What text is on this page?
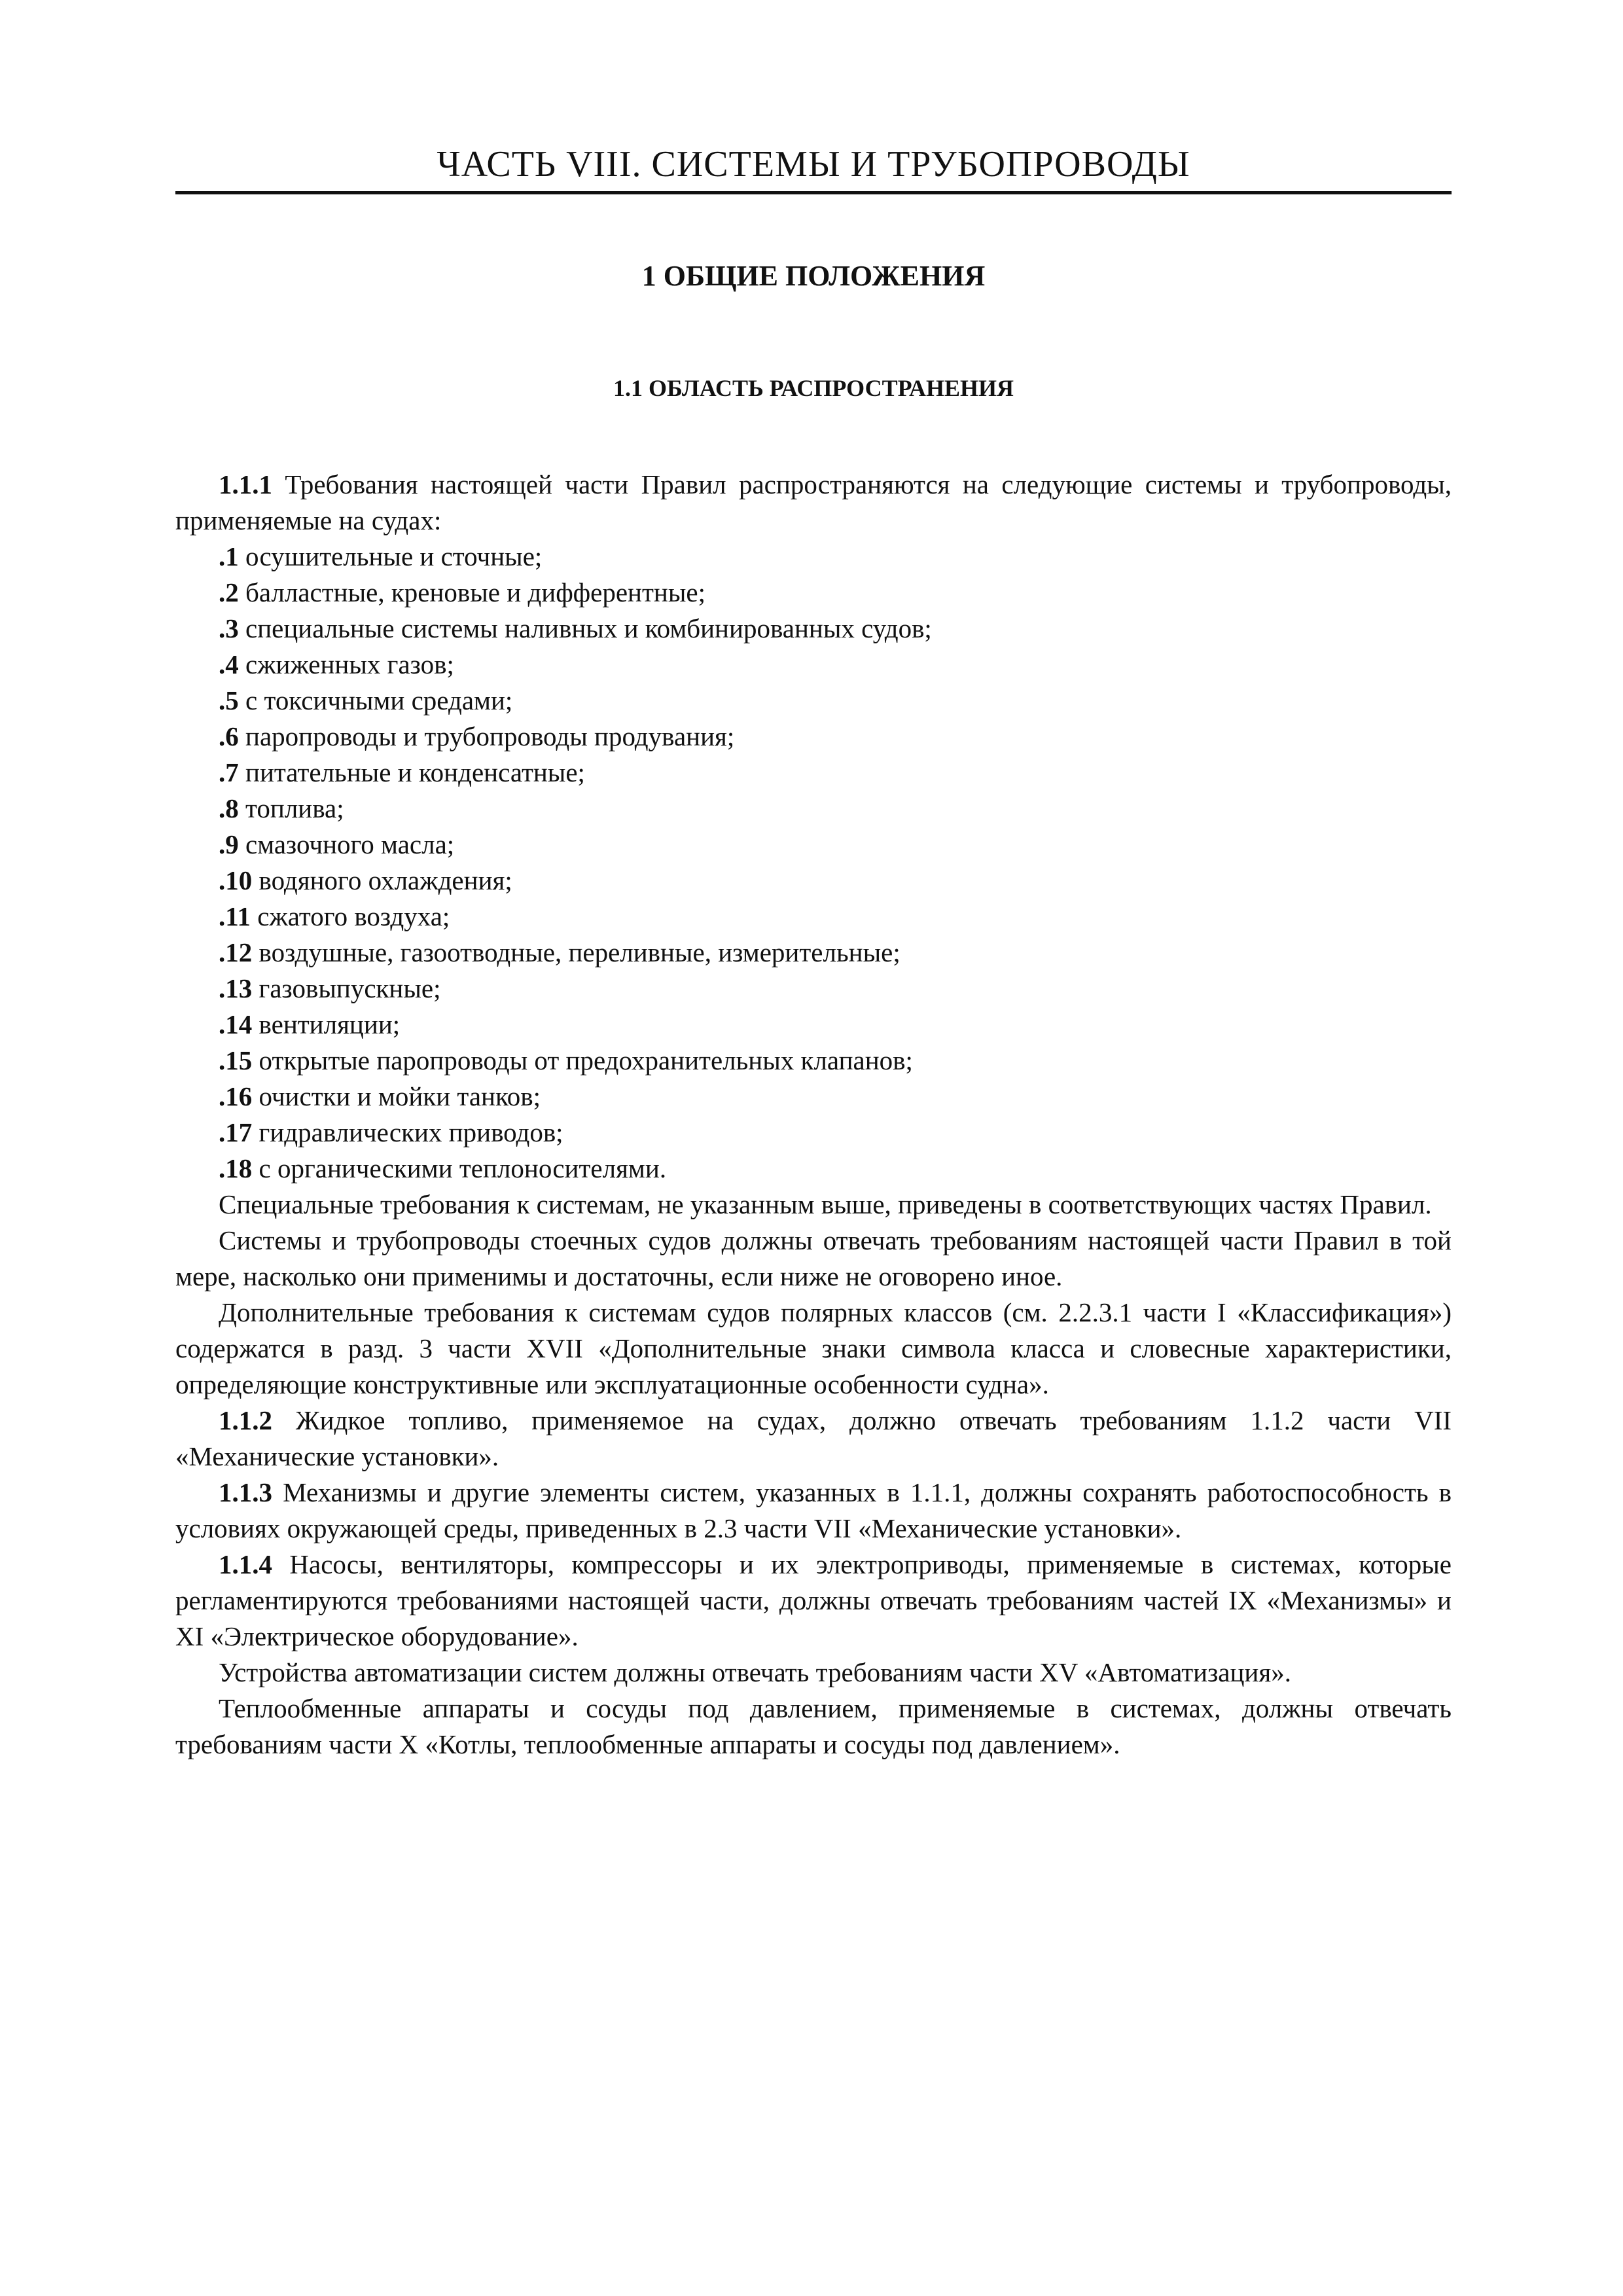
ЧАСТЬ VIII. СИСТЕМЫ И ТРУБОПРОВОДЫ
1 ОБЩИЕ ПОЛОЖЕНИЯ
1.1 ОБЛАСТЬ РАСПРОСТРАНЕНИЯ

1.1.1 Требования настоящей части Правил распространяются на следующие системы и трубопроводы, применяемые на судах:

.1 осушительные и сточные;

.2 балластные, креновые и дифферентные;

.3 специальные системы наливных и комбинированных судов;

.4 сжиженных газов;

.5 с токсичными средами;

.6 паропроводы и трубопроводы продувания;

.7 питательные и конденсатные;

.8 топлива;

.9 смазочного масла;

.10 водяного охлаждения;

.11 сжатого воздуха;

.12 воздушные, газоотводные, переливные, измерительные;

.13 газовыпускные;

.14 вентиляции;

.15 открытые паропроводы от предохранительных клапанов;

.16 очистки и мойки танков;

.17 гидравлических приводов;

.18 с органическими теплоносителями.

Специальные требования к системам, не указанным выше, приведены в соответствующих частях Правил.

Системы и трубопроводы стоечных судов должны отвечать требованиям настоящей части Правил в той мере, насколько они применимы и достаточны, если ниже не оговорено иное.

Дополнительные требования к системам судов полярных классов (см. 2.2.3.1 части I «Классификация») содержатся в разд. 3 части XVII «Дополнительные знаки символа класса и словесные характеристики, определяющие конструктивные или эксплуатационные особенности судна».

1.1.2 Жидкое топливо, применяемое на судах, должно отвечать требованиям 1.1.2 части VII «Механические установки».

1.1.3 Механизмы и другие элементы систем, указанных в 1.1.1, должны сохранять работоспособность в условиях окружающей среды, приведенных в 2.3 части VII «Механические установки».

1.1.4 Насосы, вентиляторы, компрессоры и их электроприводы, применяемые в системах, которые регламентируются требованиями настоящей части, должны отвечать требованиям частей IX «Механизмы» и XI «Электрическое оборудование».

Устройства автоматизации систем должны отвечать требованиям части XV «Автоматизация».

Теплообменные аппараты и сосуды под давлением, применяемые в системах, должны отвечать требованиям части X «Котлы, теплообменные аппараты и сосуды под давлением».
